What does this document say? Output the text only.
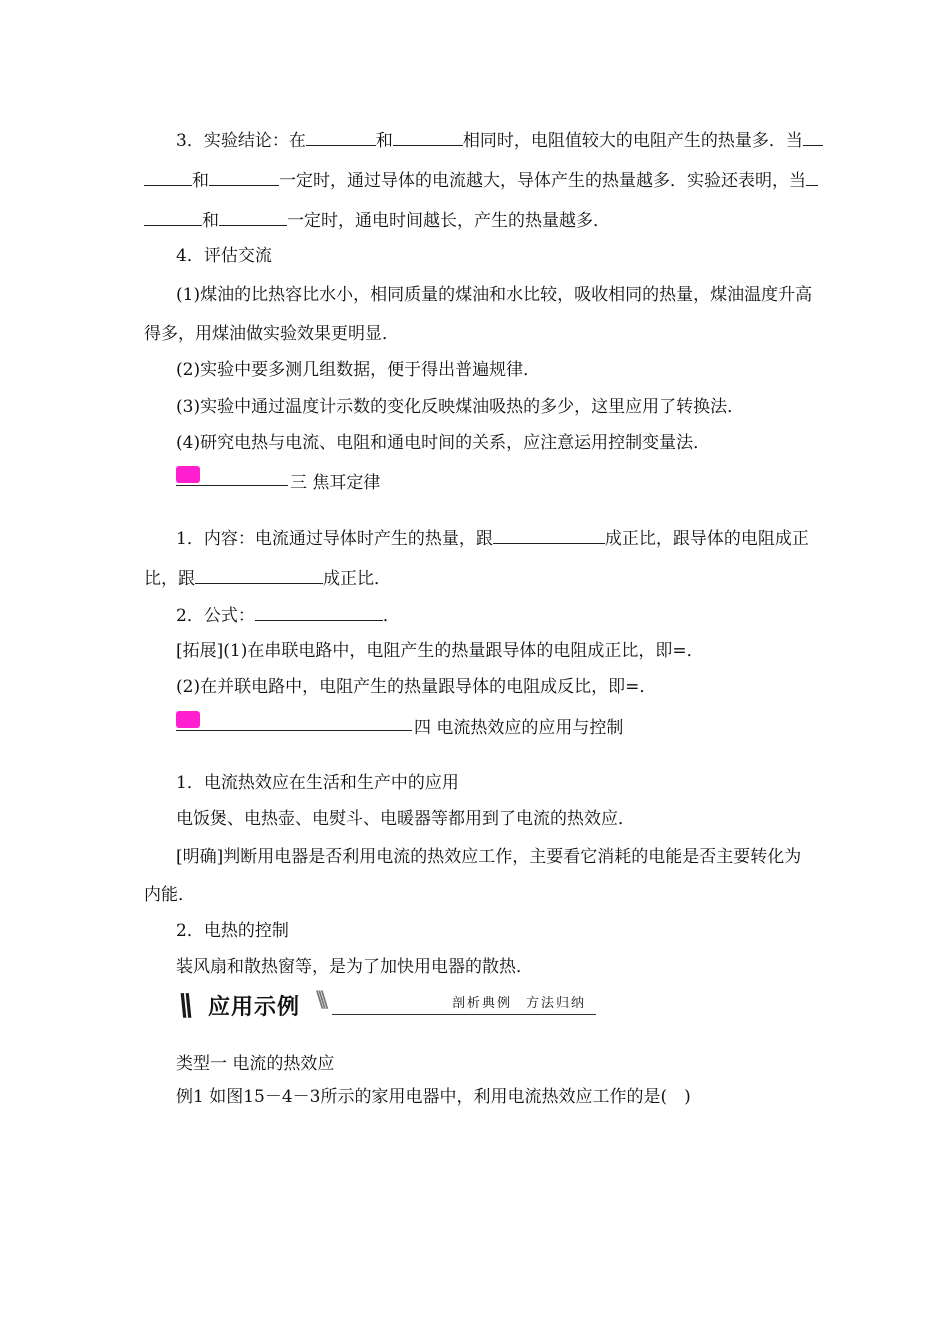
3．实验结论：在	和	相同时，电阻值较大的电阻产生的热量多．当
和	一定时，通过导体的电流越大，导体产生的热量越多．实验还表明，当
和	一定时，通电时间越长，产生的热量越多．
4．评估交流
(1)煤油的比热容比水小，相同质量的煤油和水比较，吸收相同的热量，煤油温度升高
得多，用煤油做实验效果更明显．
(2)实验中要多测几组数据，便于得出普遍规律．
(3)实验中通过温度计示数的变化反映煤油吸热的多少，这里应用了转换法．
(4)研究电热与电流、电阻和通电时间的关系，应注意运用控制变量法．
三 焦耳定律
1．内容：电流通过导体时产生的热量，跟	成正比，跟导体的电阻成正
比，跟	成正比．
2．公式：	．
[拓展](1)在串联电路中，电阻产生的热量跟导体的电阻成正比，即=．
(2)在并联电路中，电阻产生的热量跟导体的电阻成反比，即=．
四 电流热效应的应用与控制
1．电流热效应在生活和生产中的应用
电饭煲、电热壶、电熨斗、电暖器等都用到了电流的热效应．
[明确]判断用电器是否利用电流的热效应工作，主要看它消耗的电能是否主要转化为
内能．
2．电热的控制
装风扇和散热窗等，是为了加快用电器的散热．
\\ 应用示例 \\\	剖析典例 方法归纳
类型一 电流的热效应
例1 如图15－4－3所示的家用电器中，利用电流热效应工作的是(　)
